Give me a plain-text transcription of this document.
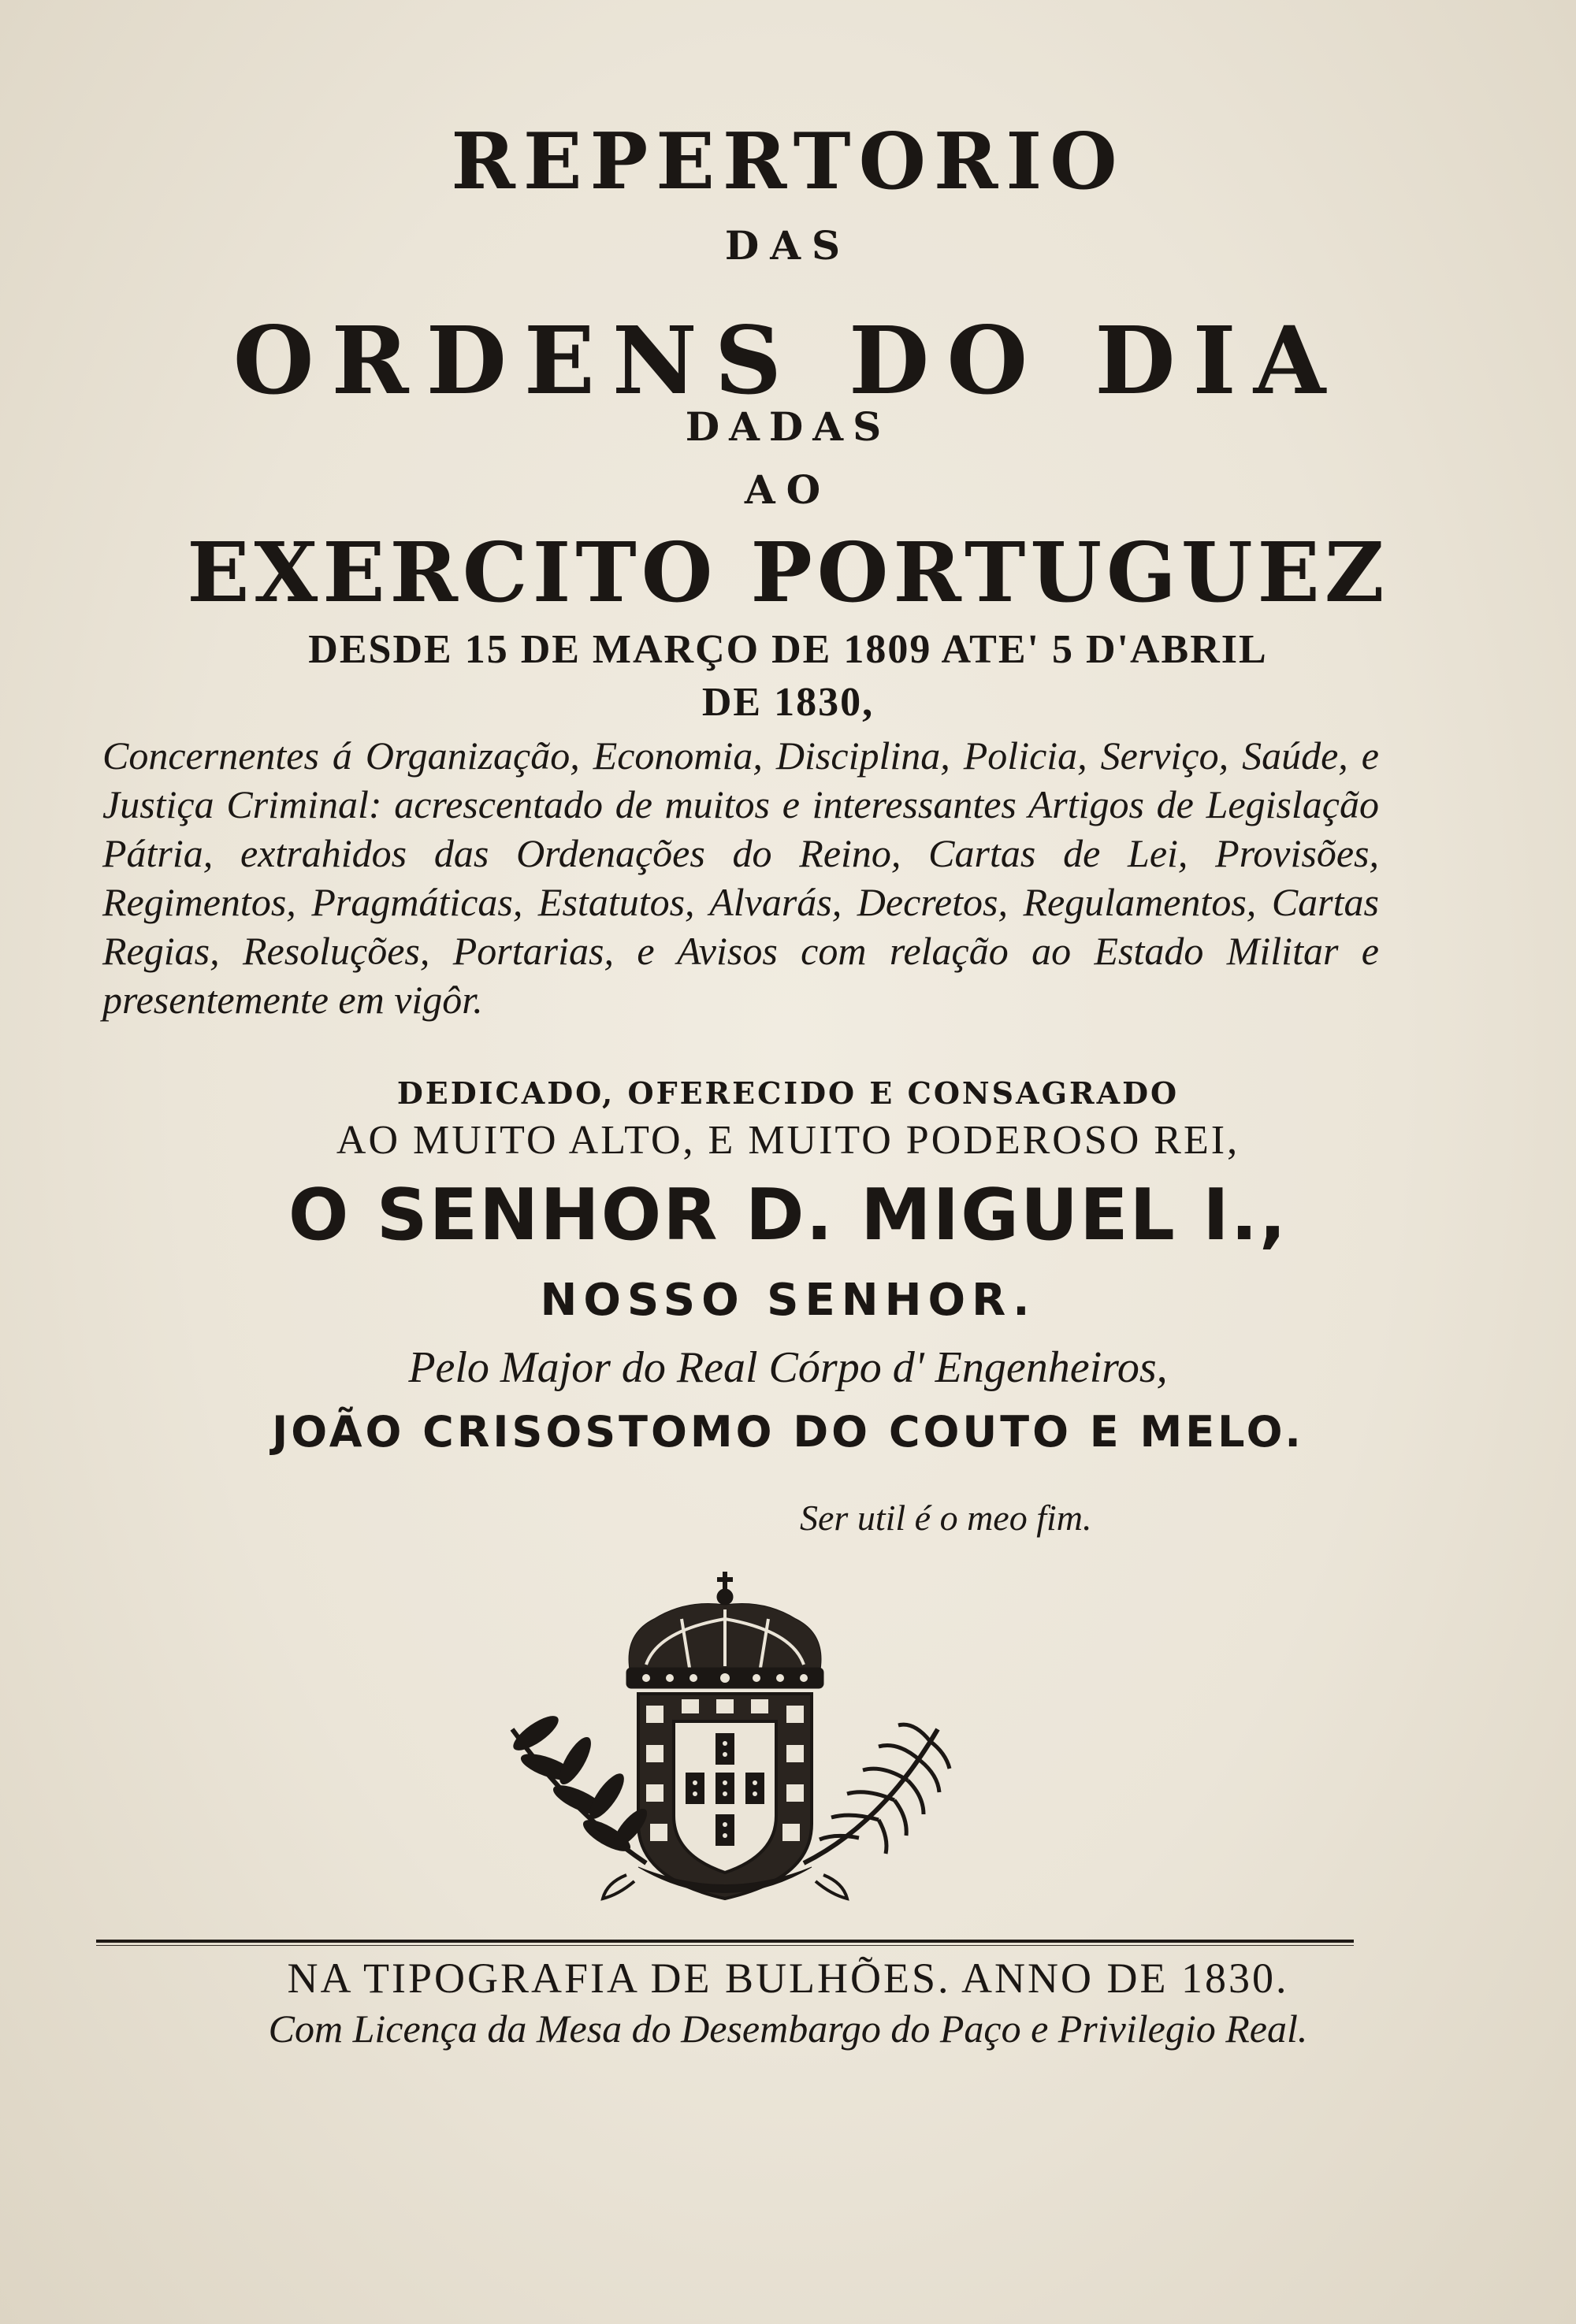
REPERTORIO
DAS
ORDENS DO DIA
DADAS
AO
EXERCITO PORTUGUEZ
DESDE 15 DE MARÇO DE 1809 ATE' 5 D'ABRIL
DE 1830,
Concernentes á Organização, Economia, Disciplina, Policia, Serviço, Saúde, e Justiça Criminal: acrescentado de muitos e interessantes Artigos de Legislação Pátria, extrahidos das Ordenações do Reino, Cartas de Lei, Provisões, Regimentos, Pragmáticas, Estatutos, Alvarás, Decretos, Regulamentos, Cartas Regias, Resoluções, Portarias, e Avisos com relação ao Estado Militar e presentemente em vigôr.
DEDICADO, OFERECIDO E CONSAGRADO
AO MUITO ALTO, E MUITO PODEROSO REI,
O SENHOR D. MIGUEL I.,
NOSSO SENHOR.
Pelo Major do Real Córpo d' Engenheiros,
JOÃO CRISOSTOMO DO COUTO E MELO.
Ser util é o meo fim.
NA TIPOGRAFIA DE BULHÕES. ANNO DE 1830.
Com Licença da Mesa do Desembargo do Paço e Privilegio Real.
